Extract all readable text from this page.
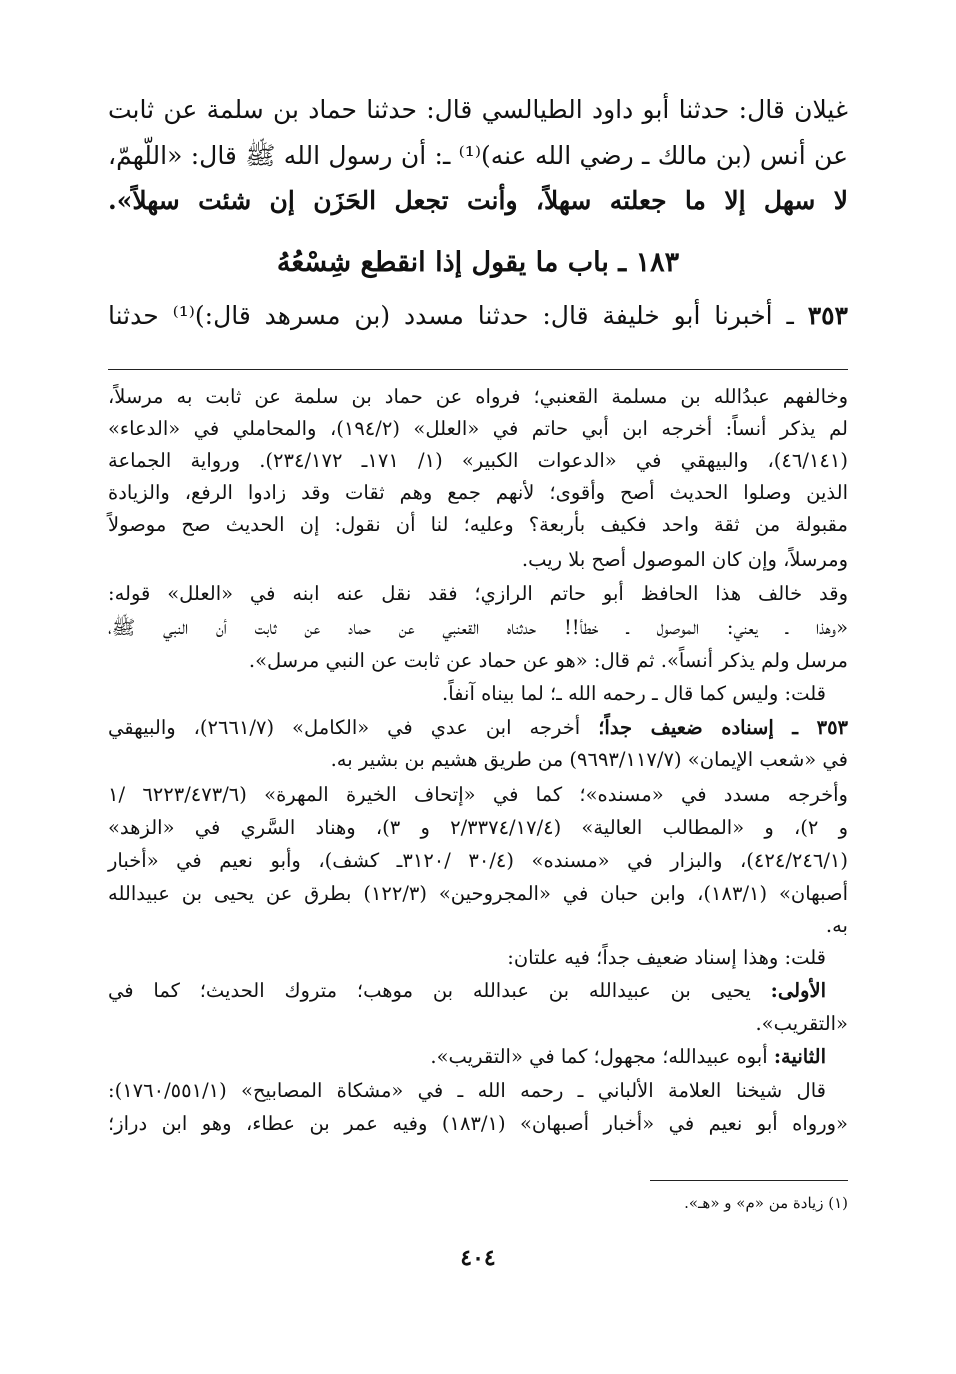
غيلان قال: حدثنا أبو داود الطيالسي قال: حدثنا حماد بن سلمة عن ثابت
عن أنس (بن مالك ـ رضي الله عنه)⁽¹⁾ ـ: أن رسول الله ﷺ قال: «اللّهمّ،
لا سهل إلا ما جعلته سهلاً، وأنت تجعل الحَزَن إن شئت سهلاً».
١٨٣ ـ باب ما يقول إذا انقطع شِسْعُهُ
٣٥٣ ـ أخبرنا أبو خليفة قال: حدثنا مسدد (بن مسرهد قال:)⁽¹⁾ حدثنا
وخالفهم عبدُالله بن مسلمة القعنبي؛ فرواه عن حماد بن سلمة عن ثابت به مرسلاً،
لم يذكر أنساً: أخرجه ابن أبي حاتم في «العلل» (١٩٤/٢)، والمحاملي في «الدعاء»
(٤٦/١٤١)، والبيهقي في «الدعوات الكبير» (١/ ١٧١ـ ٢٣٤/١٧٢). ورواية الجماعة
الذين وصلوا الحديث أصح وأقوى؛ لأنهم جمع وهم ثقات وقد زادوا الرفع، والزيادة
مقبولة من ثقة واحد فكيف بأربعة؟ وعليه؛ لنا أن نقول: إن الحديث صح موصولاً
ومرسلاً، وإن كان الموصول أصح بلا ريب.
وقد خالف هذا الحافظ أبو حاتم الرازي؛ فقد نقل عنه ابنه في «العلل» قوله:
«وهذا ـ يعني: الموصول ـ خطأ!! حدثناه القعنبي عن حماد عن ثابت أن النبي ﷺ،
مرسل ولم يذكر أنساً». ثم قال: «هو عن حماد عن ثابت عن النبي مرسل».
قلت: وليس كما قال ـ رحمه الله ـ؛ لما بيناه آنفاً.
٣٥٣ ـ إسناده ضعيف جداً؛ أخرجه ابن عدي في «الكامل» (٢٦٦١/٧)، والبيهقي
في «شعب الإيمان» (٩٦٩٣/١١٧/٧) من طريق هشيم بن بشير به.
وأخرجه مسدد في «مسنده»؛ كما في «إتحاف الخيرة المهرة» (٦٢٢٣/٤٧٣/٦ /١
و ٢)، و «المطالب العالية» (٢/٣٣٧٤/١٧/٤ و ٣)، وهناد السَّري في «الزهد»
(٤٢٤/٢٤٦/١)، والبزار في «مسنده» (٣٠/٤ /٣١٢٠ـ كشف)، وأبو نعيم في «أخبار
أصبهان» (١٨٣/١)، وابن حبان في «المجروحين» (١٢٢/٣) بطرق عن يحيى بن عبيدالله
به.
قلت: وهذا إسناد ضعيف جداً؛ فيه علتان:
الأولى: يحيى بن عبيدالله بن عبدالله بن موهب؛ متروك الحديث؛ كما في
«التقريب».
الثانية: أبوه عبيدالله؛ مجهول؛ كما في «التقريب».
قال شيخنا العلامة الألباني ـ رحمه الله ـ في «مشكاة المصابيح» (١٧٦٠/٥٥١/١):
«ورواه أبو نعيم في «أخبار أصبهان» (١٨٣/١) وفيه عمر بن عطاء، وهو ابن دراز؛
(١) زيادة من «م» و «هـ».
٤٠٤
